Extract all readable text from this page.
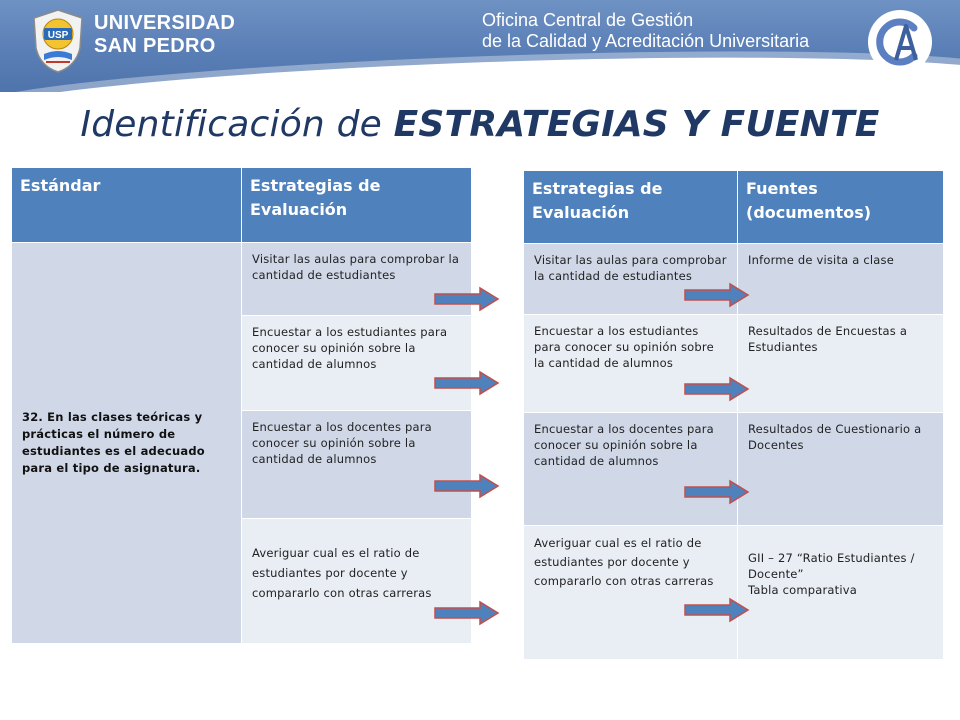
USP
UNIVERSIDAD
SAN PEDRO
Oficina Central de Gestión
de la Calidad y Acreditación Universitaria
Identificación de ESTRATEGIAS Y FUENTE
Estándar	Estrategias de Evaluación
32. En las clases teóricas y prácticas el número de estudiantes es el adecuado para el tipo de asignatura.
Visitar las aulas para comprobar la cantidad de estudiantes
Encuestar a los estudiantes para conocer su opinión sobre la cantidad de alumnos
Encuestar a los docentes para conocer su opinión sobre la cantidad de alumnos
Averiguar cual es el ratio de estudiantes por docente y compararlo con otras carreras
Estrategias de Evaluación
Fuentes (documentos)
Visitar las aulas para comprobar la cantidad de estudiantes
Informe de visita a clase
Encuestar a los estudiantes para conocer su opinión sobre la cantidad de alumnos
Resultados de Encuestas a Estudiantes
Encuestar a los docentes para conocer su opinión sobre la cantidad de alumnos
Resultados de Cuestionario a Docentes
Averiguar cual es el ratio de estudiantes por docente y compararlo con otras carreras

GII – 27 “Ratio Estudiantes / Docente”
Tabla comparativa
